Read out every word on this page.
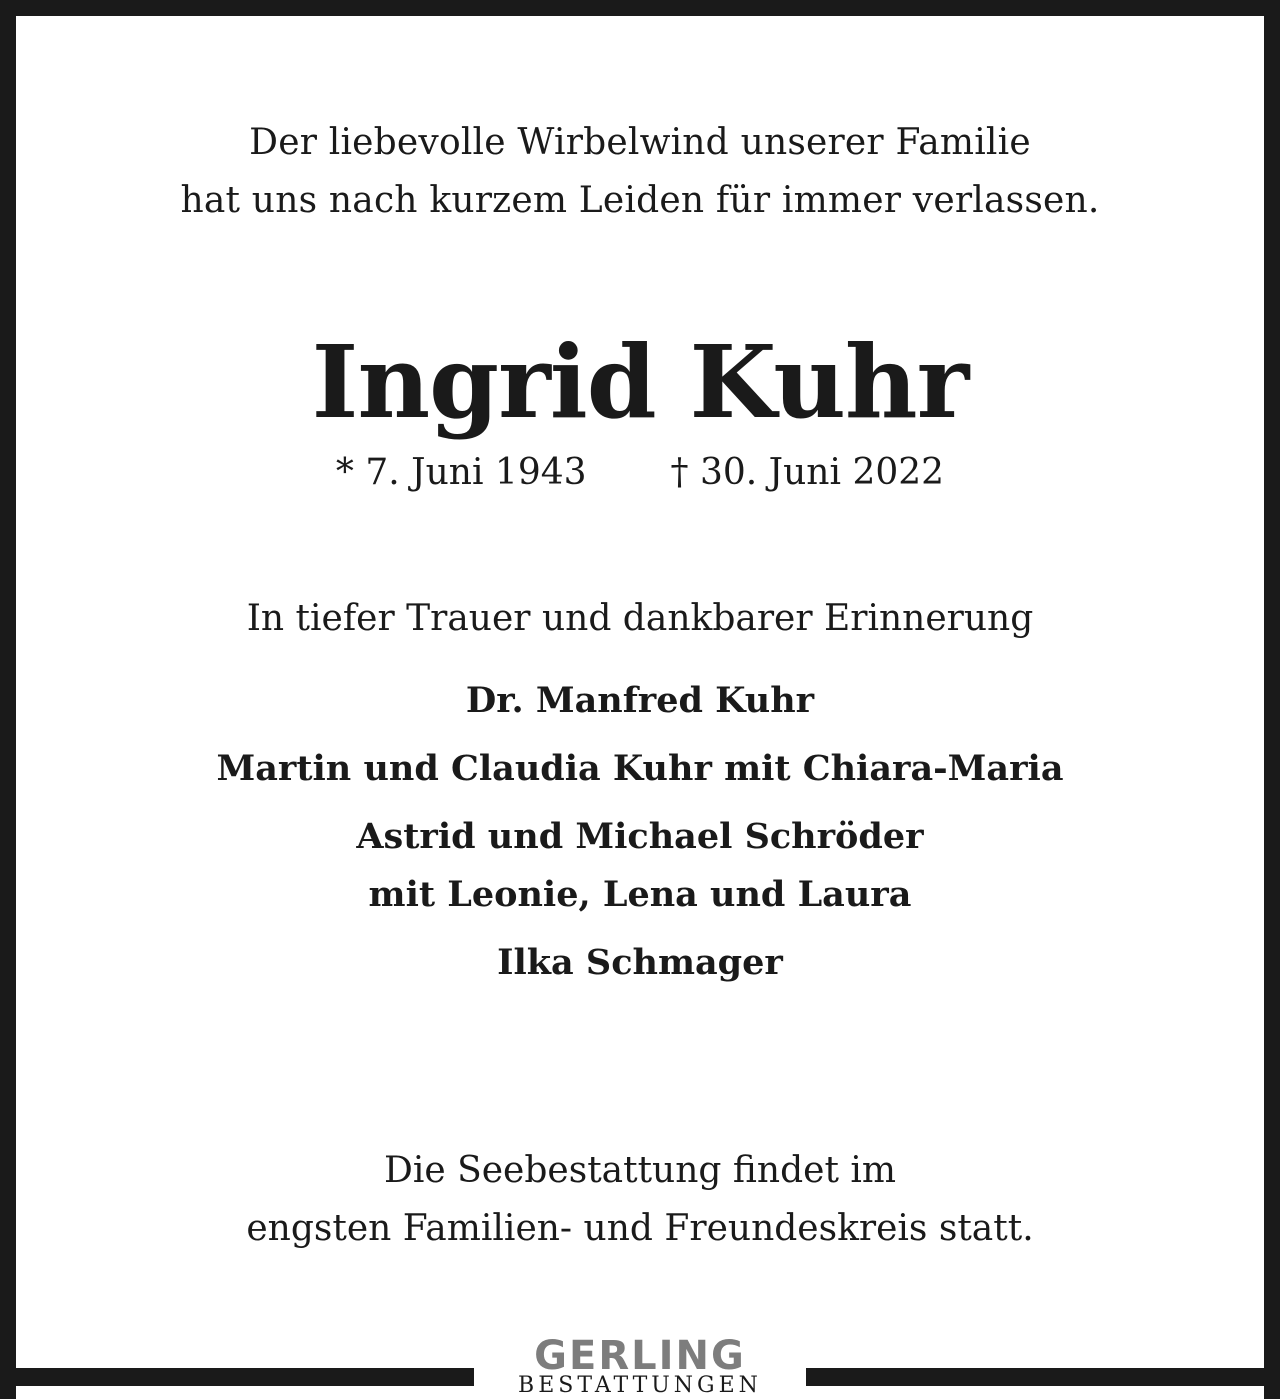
Der liebevolle Wirbelwind unserer Familie
hat uns nach kurzem Leiden für immer verlassen.
Ingrid Kuhr
* 7. Juni 1943 † 30. Juni 2022
In tiefer Trauer und dankbarer Erinnerung
Dr. Manfred Kuhr
Martin und Claudia Kuhr mit Chiara-Maria
Astrid und Michael Schröder
mit Leonie, Lena und Laura
Ilka Schmager
Die Seebestattung findet im
engsten Familien- und Freundeskreis statt.
GERLING
BESTATTUNGEN
